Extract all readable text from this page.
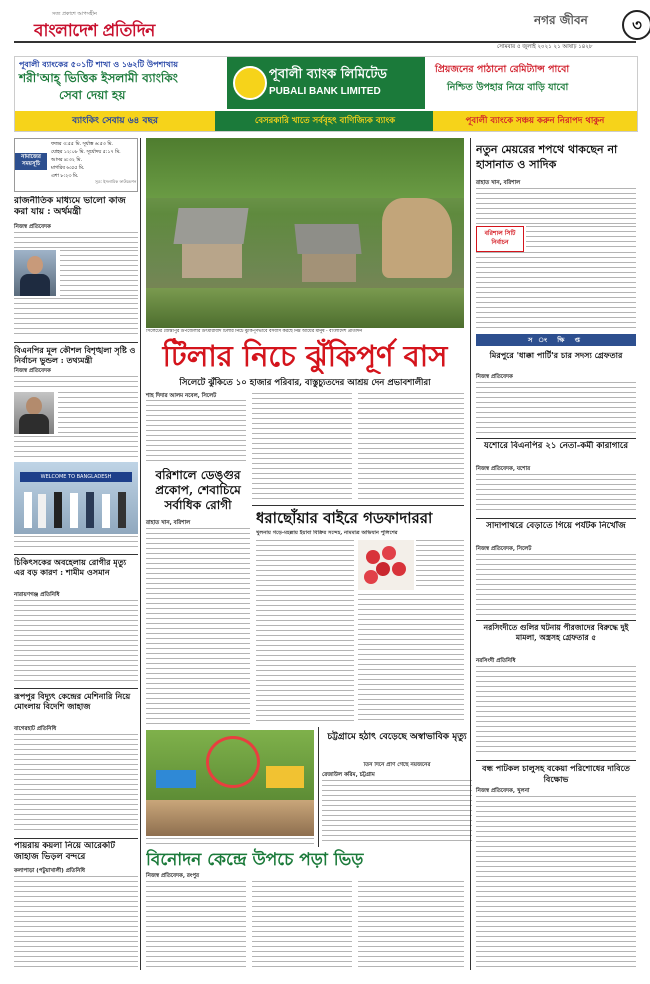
সত্য প্রকাশে আপসহীন
বাংলাদেশ প্রতিদিন
নগর জীবন	৩
সোমবার ৫ জুলাই ২০২১ ২১ আষাঢ় ১৪২৮
পূবালী ব্যাংকের ৫০১টি শাখা ও ১৬২টি উপশাখায়
শরী'আহ্ ভিত্তিক ইসলামী ব্যাংকিং
সেবা দেয়া হয়
পূবালী ব্যাংক লিমিটেড
PUBALI BANK LIMITED
প্রিয়জনের পাঠানো রেমিট্যান্স পাবো
নিশ্চিত উপহার নিয়ে বাড়ি যাবো
ব্যাংকিং সেবায় ৬৪ বছর	বেসরকারি খাতে সর্ববৃহৎ বাণিজ্যিক ব্যাংক	পূবালী ব্যাংকে সঞ্চয় করুন নিরাপদ থাকুন
নামাজের সময়সূচি
ফজর ৩:৫৫ মি. সূর্যাস্ত ৬:৫৩ মি.
যোহর ১২:০৮ মি. সূর্যোদয় ৫:১৭ মি.
আসর ৪:৩২ মি.
মাগরিব ৬:৫৫ মি.
এশা ৮:২৩ মি.
সূত্র: ইসলামিক ফাউন্ডেশন
রাজনীতিক মাধ্যমে ভালো কাজ করা যায় : অর্থমন্ত্রী
নিজস্ব প্রতিবেদক
বিএনপির মূল কৌশল বিশৃঙ্খলা সৃষ্টি ও নির্বাচন ভুন্ডল : তথ্যমন্ত্রী
নিজস্ব প্রতিবেদক
WELCOME TO BANGLADESH
চিকিৎসকের অবহেলায় রোগীর মৃত্যু এর বড় কারণ : শামীম ওসমান
নারায়ণগঞ্জ প্রতিনিধি
রূপপুর বিদ্যুৎ কেন্দ্রের মেশিনারি নিয়ে মোংলায় বিদেশি জাহাজ
বাগেরহাট প্রতিনিধি
পায়রায় কয়লা নিয়ে আরেকটি জাহাজ ভিড়ল বন্দরে
কলাপাড়া (পটুয়াখালী) প্রতিনিধি
সিলেটের জৈন্তাপুর উপজেলার উৎমারাবাদ টিলার নিচে ঝুঁকিপূর্ণভাবে বসবাস করছে নিম্ন আয়ের মানুষ - বাংলাদেশ প্রতিদিন
টিলার নিচে ঝুঁকিপূর্ণ বাস
সিলেটে ঝুঁকিতে ১০ হাজার পরিবার, বাস্তুচ্যুতদের আশ্রয় দেন প্রভাবশালীরা
শাহ দিদার আলম নবেল, সিলেট
বরিশালে ডেঙ্গুর প্রকোপ, শেবাচিমে সর্বাধিক রোগী
রাহাত খান, বরিশাল	ধরাছোঁয়ার বাইরে গডফাদাররা
খুলনায় গড়ে-মহল্লায় ইয়াবা বিক্রির সন্দেহ, নামমাত্র অভিযান পুলিশের
বিনোদন কেন্দ্রে উপচে পড়া ভিড়
নিজস্ব প্রতিবেদক, রংপুর
চট্টগ্রামে হঠাৎ বেড়েছে অস্বাভাবিক মৃত্যু
তিন দিনে প্রাণ গেছে নয়জনের
রেজাউল করিম, চট্টগ্রাম
নতুন মেয়রের শপথে থাকছেন না হাসানাত ও সাদিক
রাহাত খান, বরিশাল
বরিশাল সিটি নির্বাচন
স ং ক্ষি প্ত
মিরপুরে 'ধাক্কা পার্টি'র চার সদস্য গ্রেফতার
নিজস্ব প্রতিবেদক
যশোরে বিএনপির ২১ নেতা-কর্মী কারাগারে
নিজস্ব প্রতিবেদক, যশোর
সাদাপাথরে বেড়াতে গিয়ে পর্যটক নিখোঁজ
নিজস্ব প্রতিবেদক, সিলেট
নরসিংদীতে গুলির ঘটনায় পীরজাদের বিরুদ্ধে দুই মামলা, অস্ত্রসহ গ্রেফতার ৫
নরসিংদী প্রতিনিধি
বন্ধ পাটকল চালুসহ বকেয়া পরিশোধের দাবিতে বিক্ষোভ
নিজস্ব প্রতিবেদক, খুলনা
